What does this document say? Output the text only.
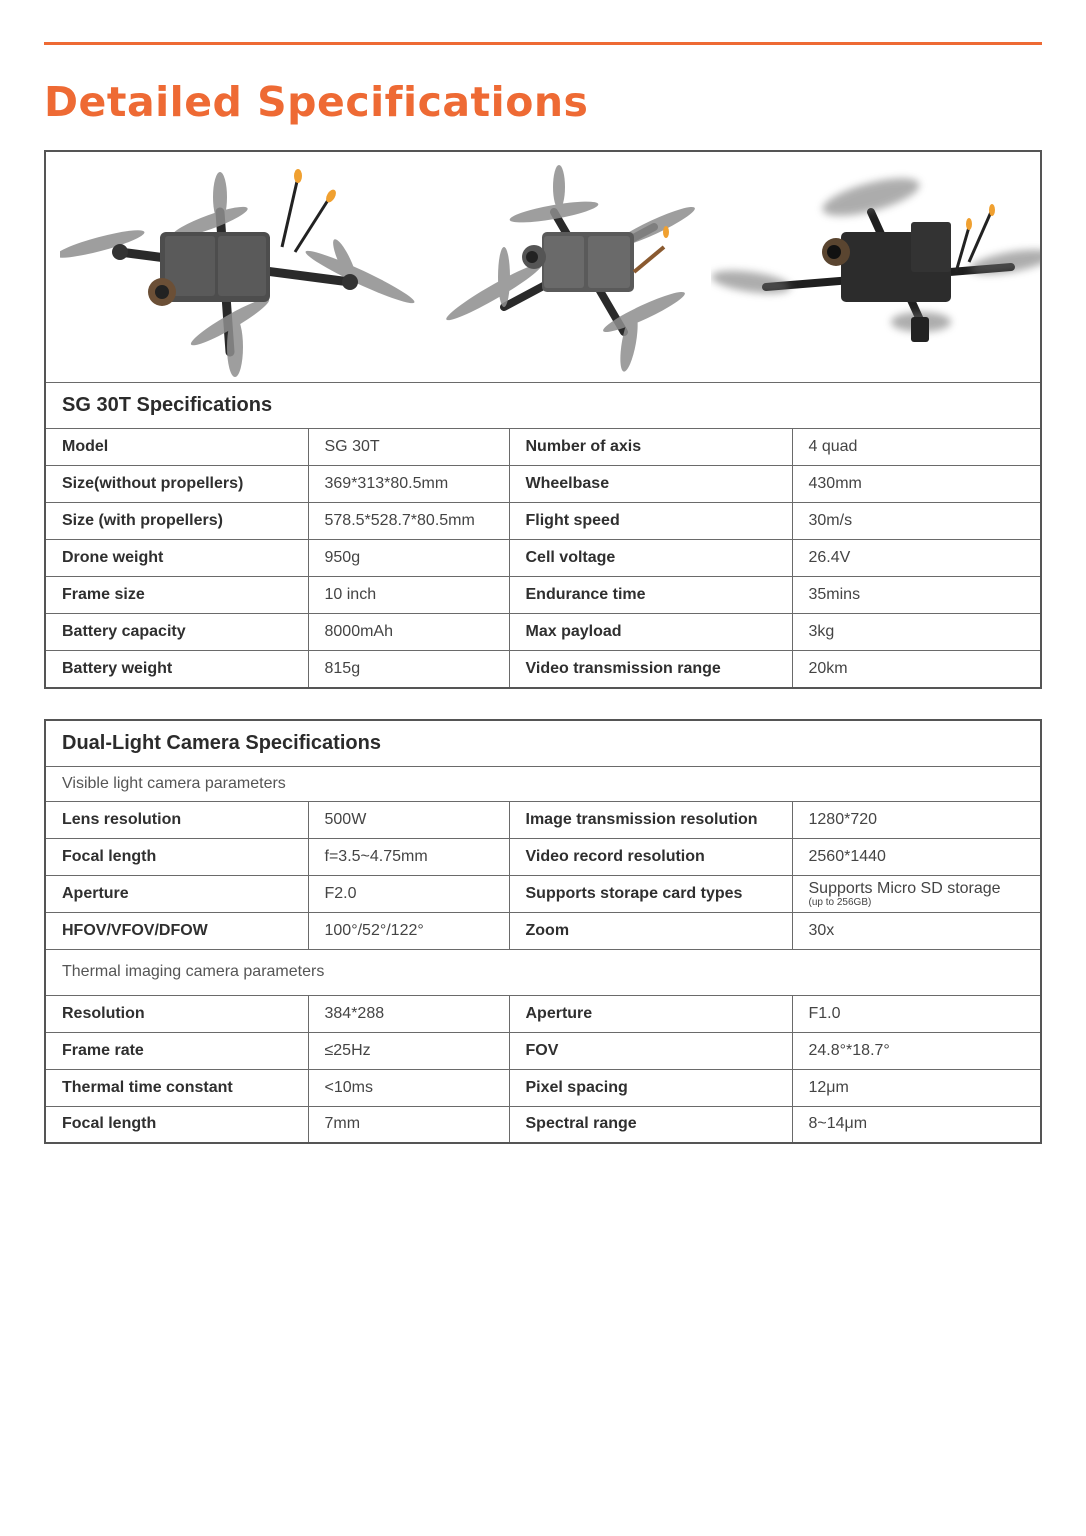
Detailed Specifications

SG 30T Specifications			
Model	SG 30T	Number of axis	4 quad
Size(without propellers)	369*313*80.5mm	Wheelbase	430mm
Size (with propellers)	578.5*528.7*80.5mm	Flight speed	30m/s
Drone weight	950g	Cell voltage	26.4V
Frame size	10 inch	Endurance time	35mins
Battery capacity	8000mAh	Max payload	3kg
Battery weight	815g	Video transmission range	20km
Dual-Light Camera Specifications			
Visible light camera parameters			
Lens resolution	500W	Image transmission resolution	1280*720
Focal length	f=3.5~4.75mm	Video record resolution	2560*1440
Aperture	F2.0	Supports storape card types	Supports Micro SD storage
(up to 256GB)

HFOV/VFOV/DFOW	100°/52°/122°	Zoom	30x
Thermal imaging camera parameters			
Resolution	384*288	Aperture	F1.0
Frame rate	≤25Hz	FOV	24.8°*18.7°
Thermal time constant	<10ms	Pixel spacing	12μm
Focal length	7mm	Spectral range	8~14μm
